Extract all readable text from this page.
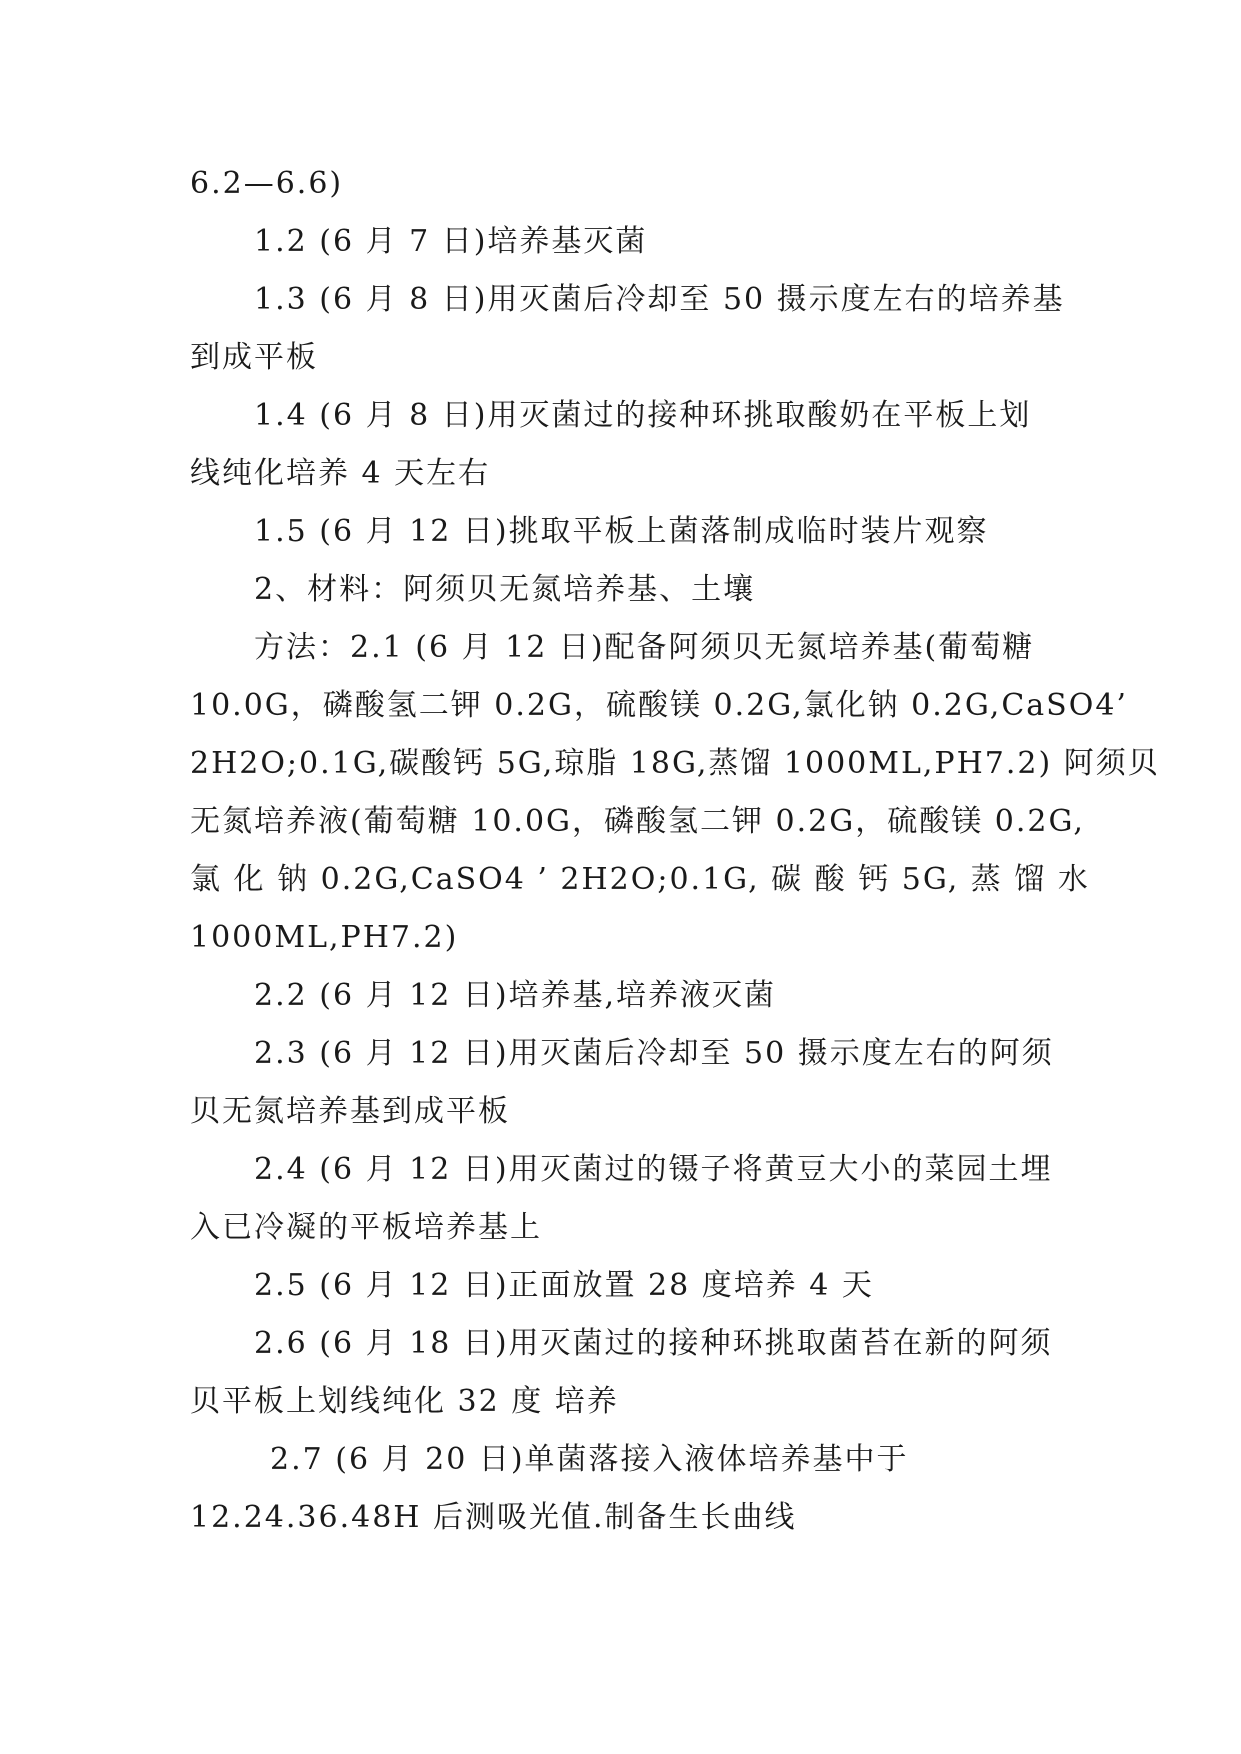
6.2—6.6)
1.2 (6 月 7 日)培养基灭菌
1.3 (6 月 8 日)用灭菌后冷却至 50 摄示度左右的培养基
到成平板
1.4 (6 月 8 日)用灭菌过的接种环挑取酸奶在平板上划
线纯化培养 4 天左右
1.5 (6 月 12 日)挑取平板上菌落制成临时装片观察
2、材料：阿须贝无氮培养基、土壤
方法：2.1 (6 月 12 日)配备阿须贝无氮培养基(葡萄糖
10.0G，磷酸氢二钾 0.2G，硫酸镁 0.2G,氯化钠 0.2G,CaSO4’
2H2O;0.1G,碳酸钙 5G,琼脂 18G,蒸馏 1000ML,PH7.2) 阿须贝
无氮培养液(葡萄糖 10.0G，磷酸氢二钾 0.2G，硫酸镁 0.2G,
氯 化 钠 0.2G,CaSO4 ’ 2H2O;0.1G, 碳 酸 钙 5G, 蒸 馏 水
1000ML,PH7.2)
2.2 (6 月 12 日)培养基,培养液灭菌
2.3 (6 月 12 日)用灭菌后冷却至 50 摄示度左右的阿须
贝无氮培养基到成平板
2.4 (6 月 12 日)用灭菌过的镊子将黄豆大小的菜园土埋
入已冷凝的平板培养基上
2.5 (6 月 12 日)正面放置 28 度培养 4 天
2.6 (6 月 18 日)用灭菌过的接种环挑取菌苔在新的阿须
贝平板上划线纯化 32 度 培养
2.7 (6 月 20 日)单菌落接入液体培养基中于
12.24.36.48H 后测吸光值.制备生长曲线
